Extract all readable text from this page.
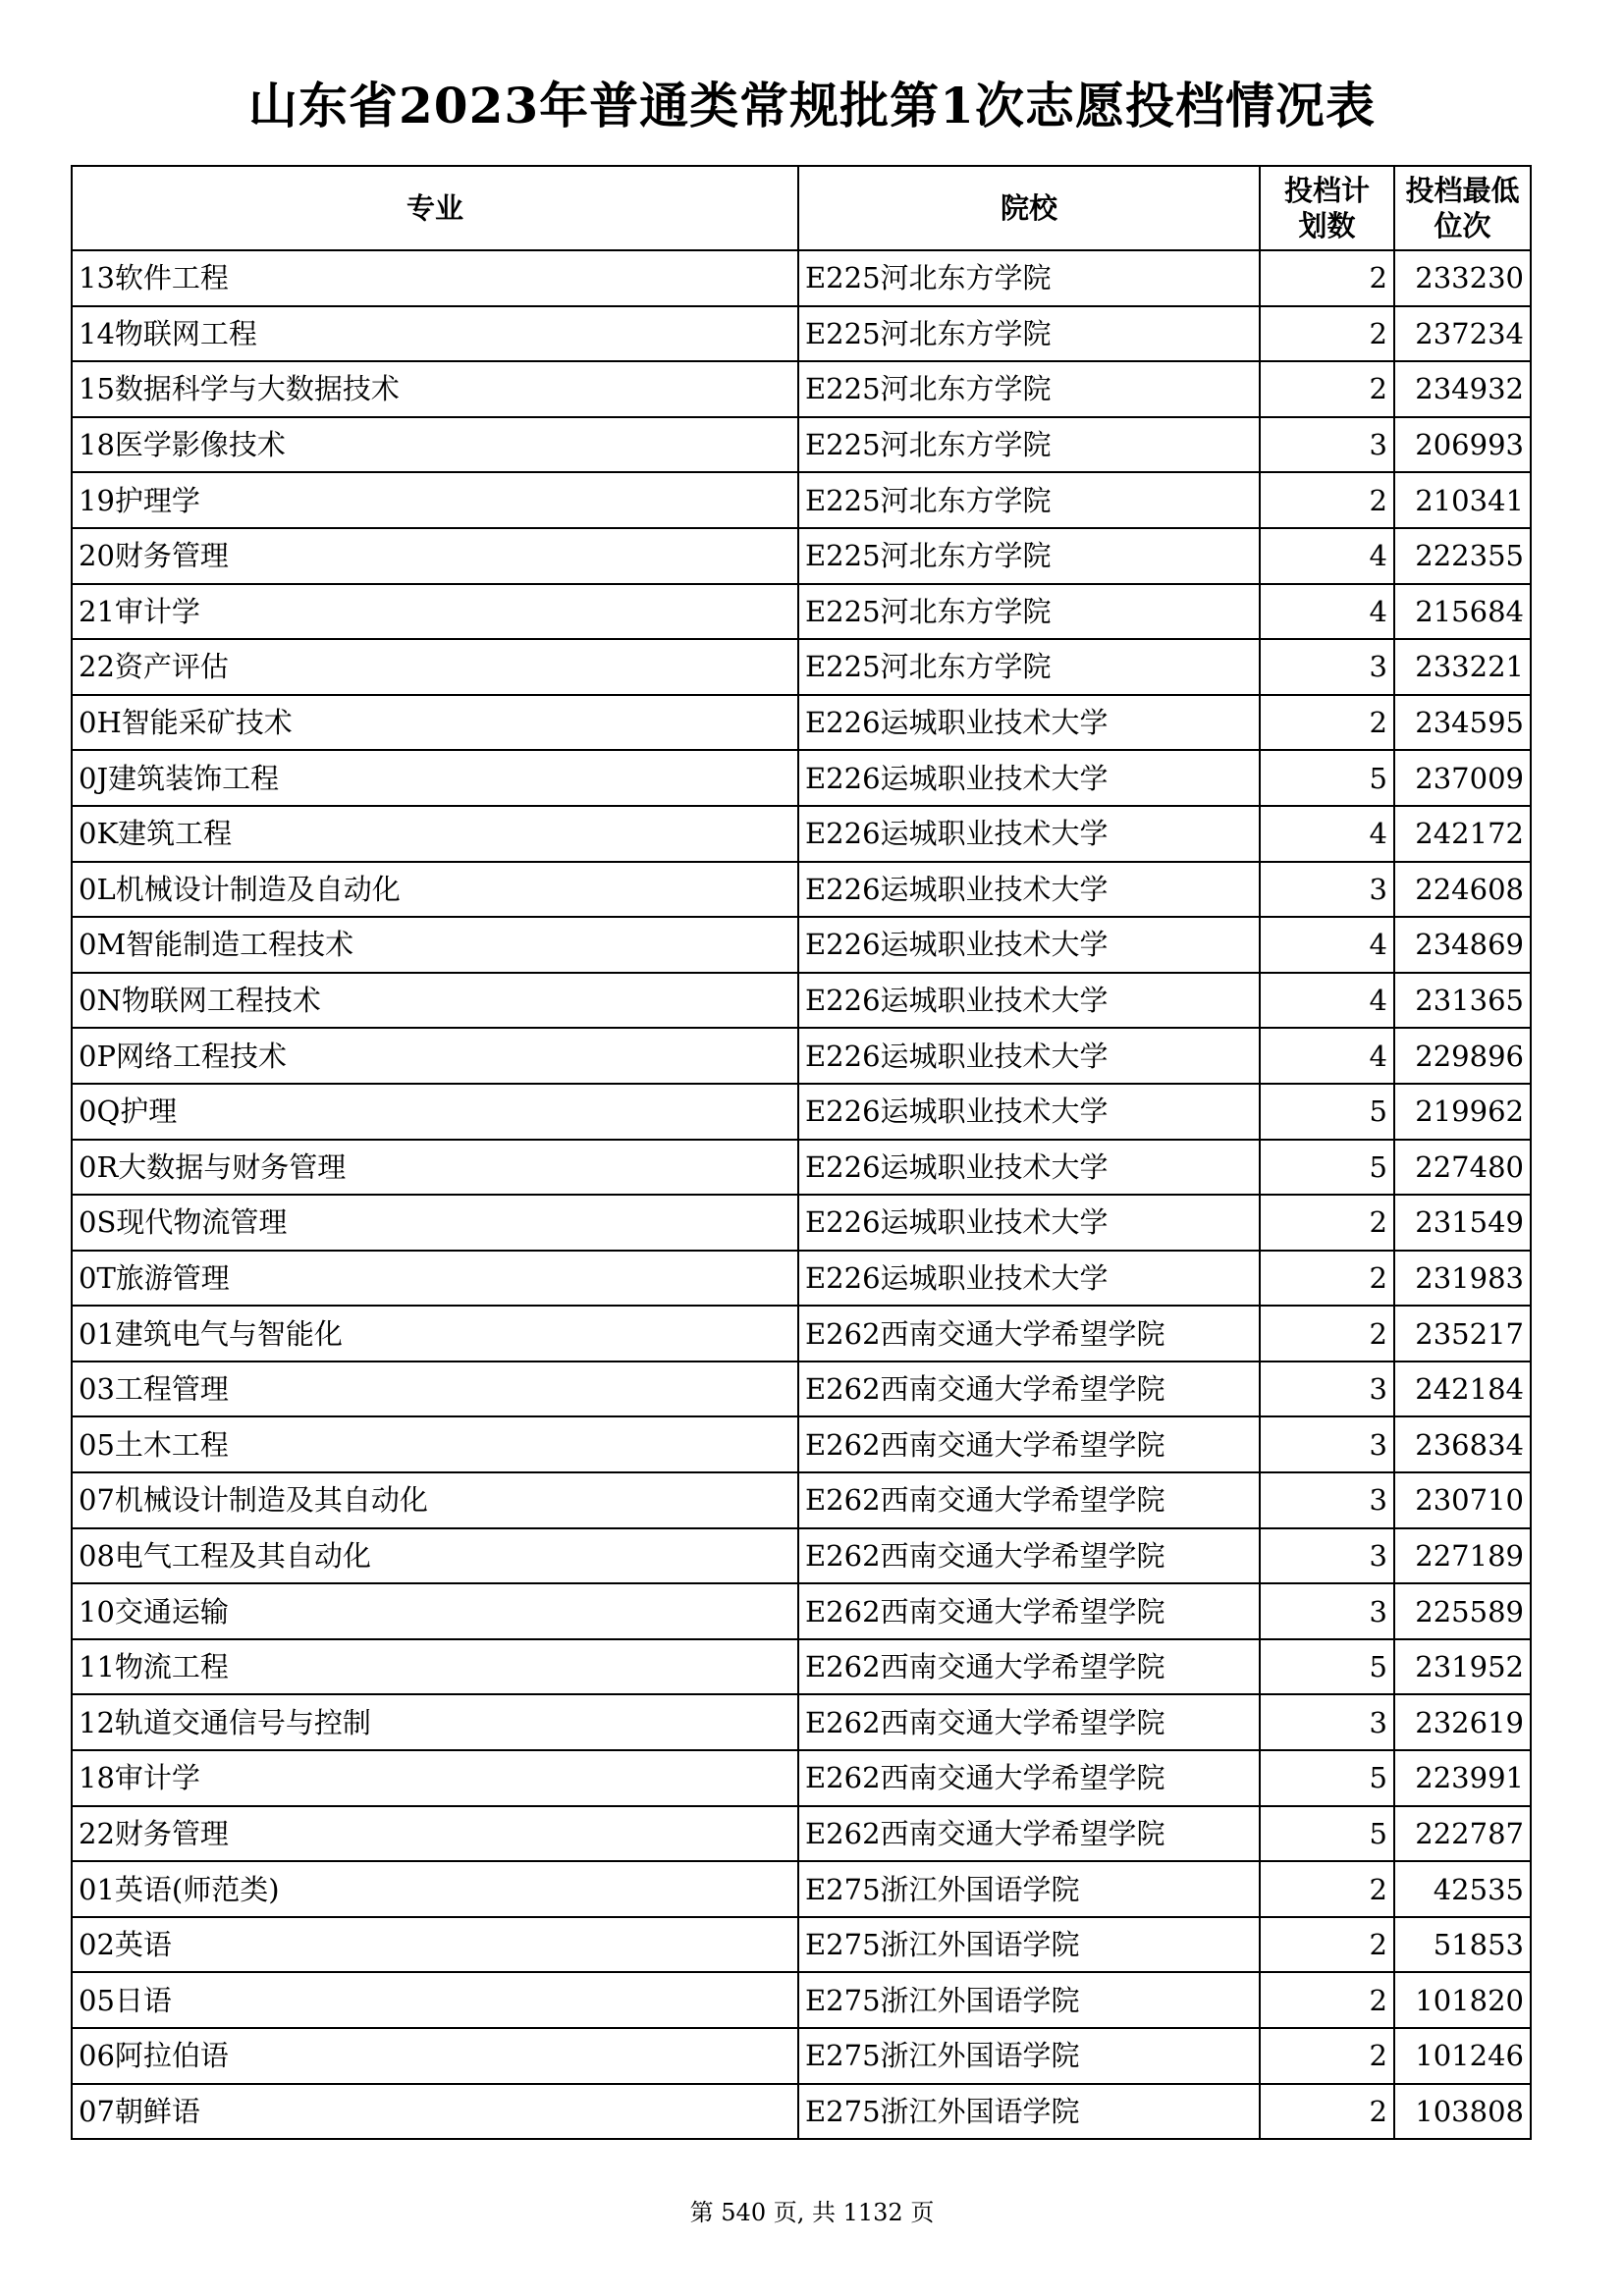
山东省2023年普通类常规批第1次志愿投档情况表
专业	院校	投档计划数	投档最低位次
13软件工程	E225河北东方学院	2	233230
14物联网工程	E225河北东方学院	2	237234
15数据科学与大数据技术	E225河北东方学院	2	234932
18医学影像技术	E225河北东方学院	3	206993
19护理学	E225河北东方学院	2	210341
20财务管理	E225河北东方学院	4	222355
21审计学	E225河北东方学院	4	215684
22资产评估	E225河北东方学院	3	233221
0H智能采矿技术	E226运城职业技术大学	2	234595
0J建筑装饰工程	E226运城职业技术大学	5	237009
0K建筑工程	E226运城职业技术大学	4	242172
0L机械设计制造及自动化	E226运城职业技术大学	3	224608
0M智能制造工程技术	E226运城职业技术大学	4	234869
0N物联网工程技术	E226运城职业技术大学	4	231365
0P网络工程技术	E226运城职业技术大学	4	229896
0Q护理	E226运城职业技术大学	5	219962
0R大数据与财务管理	E226运城职业技术大学	5	227480
0S现代物流管理	E226运城职业技术大学	2	231549
0T旅游管理	E226运城职业技术大学	2	231983
01建筑电气与智能化	E262西南交通大学希望学院	2	235217
03工程管理	E262西南交通大学希望学院	3	242184
05土木工程	E262西南交通大学希望学院	3	236834
07机械设计制造及其自动化	E262西南交通大学希望学院	3	230710
08电气工程及其自动化	E262西南交通大学希望学院	3	227189
10交通运输	E262西南交通大学希望学院	3	225589
11物流工程	E262西南交通大学希望学院	5	231952
12轨道交通信号与控制	E262西南交通大学希望学院	3	232619
18审计学	E262西南交通大学希望学院	5	223991
22财务管理	E262西南交通大学希望学院	5	222787
01英语(师范类)	E275浙江外国语学院	2	42535
02英语	E275浙江外国语学院	2	51853
05日语	E275浙江外国语学院	2	101820
06阿拉伯语	E275浙江外国语学院	2	101246
07朝鲜语	E275浙江外国语学院	2	103808
第 540 页, 共 1132 页
